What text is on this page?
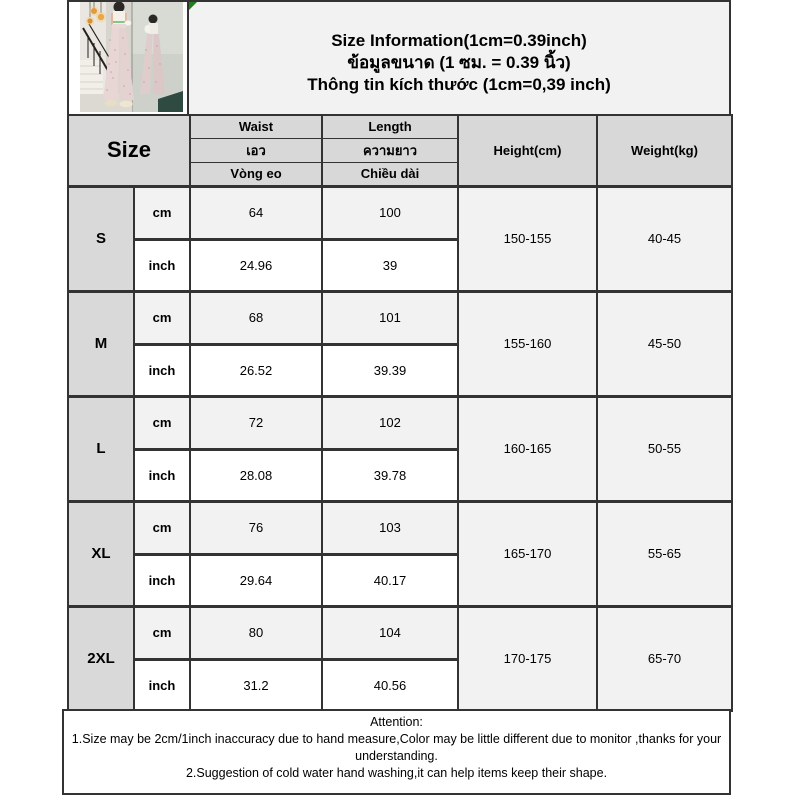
Size Information(1cm=0.39inch)
ข้อมูลขนาด (1 ซม. = 0.39 นิ้ว)
Thông tin kích thước (1cm=0,39 inch)
Size		Waist	Length	Height(cm)	Weight(kg)
		เอว	ความยาว		
		Vòng eo	Chiều dài		
S	cm	64	100	150-155	40-45
	inch	24.96	39		
M	cm	68	101	155-160	45-50
	inch	26.52	39.39		
L	cm	72	102	160-165	50-55
	inch	28.08	39.78		
XL	cm	76	103	165-170	55-65
	inch	29.64	40.17		
2XL	cm	80	104	170-175	65-70
	inch	31.2	40.56		

Attention:

1.Size may be 2cm/1inch inaccuracy due to hand measure,Color may be little different due to monitor ,thanks for your understanding.

2.Suggestion of cold water hand washing,it can help items keep their shape.
